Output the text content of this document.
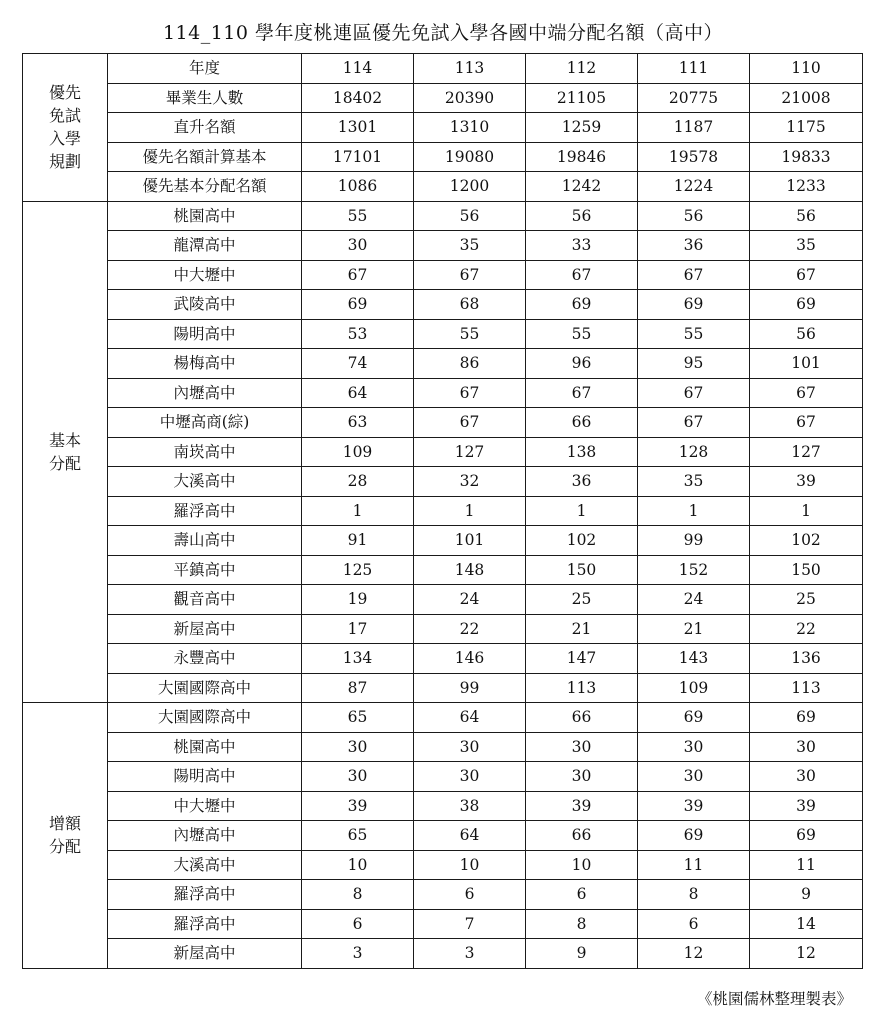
114_110 學年度桃連區優先免試入學各國中端分配名額（高中）
優先免試入學規劃	年度	114	113	112	111	110
	畢業生人數	18402	20390	21105	20775	21008
	直升名額	1301	1310	1259	1187	1175
	優先名額計算基本	17101	19080	19846	19578	19833
	優先基本分配名額	1086	1200	1242	1224	1233

基本分配	桃園高中	55	56	56	56	56
	龍潭高中	30	35	33	36	35
	中大壢中	67	67	67	67	67
	武陵高中	69	68	69	69	69
	陽明高中	53	55	55	55	56
	楊梅高中	74	86	96	95	101
	內壢高中	64	67	67	67	67
	中壢高商(綜)	63	67	66	67	67
	南崁高中	109	127	138	128	127
	大溪高中	28	32	36	35	39
	羅浮高中	1	1	1	1	1
	壽山高中	91	101	102	99	102
	平鎮高中	125	148	150	152	150
	觀音高中	19	24	25	24	25
	新屋高中	17	22	21	21	22
	永豐高中	134	146	147	143	136
	大園國際高中	87	99	113	109	113

增額分配	大園國際高中	65	64	66	69	69
	桃園高中	30	30	30	30	30
	陽明高中	30	30	30	30	30
	中大壢中	39	38	39	39	39
	內壢高中	65	64	66	69	69
	大溪高中	10	10	10	11	11
	羅浮高中	8	6	6	8	9
	羅浮高中	6	7	8	6	14
	新屋高中	3	3	9	12	12
《桃園儒林整理製表》
